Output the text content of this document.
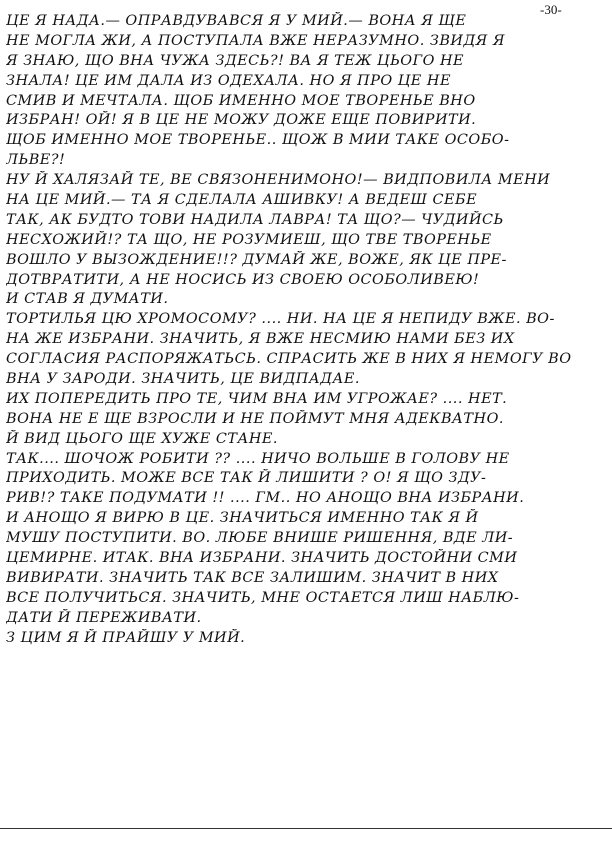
-30-
ЦЕ Я НАДА.— ОПРАВДУВАВСЯ Я У МИЙ.— ВОНА Я ЩЕ
НЕ МОГЛА ЖИ, А ПОСТУПАЛА ВЖЕ НЕРАЗУМНО. ЗВИДЯ Я
Я ЗНАЮ, ЩО ВНА ЧУЖА ЗДЕСЬ?! ВА Я ТЕЖ ЦЬОГО НЕ
ЗНАЛА! ЦЕ ИМ ДАЛА ИЗ ОДЕХАЛА. НО Я ПРО ЦЕ НЕ
СМИВ И МЕЧТАЛА. ЩОБ ИМЕННО МОЕ ТВОРЕНЬЕ ВНО
ИЗБРАН! ОЙ! Я В ЦЕ НЕ МОЖУ ДОЖЕ ЕЩЕ ПОВИРИТИ.
ЩОБ ИМЕННО МОЕ ТВОРЕНЬЕ.. ЩОЖ В МИИ ТАКЕ ОСОБО-
ЛЬВЕ?!
НУ Й ХАЛЯЗАЙ ТЕ, ВЕ СВЯЗОНЕНИМОНО!— ВИДПОВИЛА МЕНИ
НА ЦЕ МИЙ.— ТА Я СДЕЛАЛА АШИВКУ! А ВЕДЕШ СЕБЕ
ТАК, АК БУДТО ТОВИ НАДИЛА ЛАВРА! ТА ЩО?— ЧУДИЙСЬ
НЕСХОЖИЙ!? ТА ЩО, НЕ РОЗУМИЕШ, ЩО ТВЕ ТВОРЕНЬЕ
ВОШЛО У ВЫЗОЖДЕНИЕ!!? ДУМАЙ ЖЕ, ВОЖЕ, ЯК ЦЕ ПРЕ-
ДОТВРАТИТИ, А НЕ НОСИСЬ ИЗ СВОЕЮ ОСОБОЛИВЕЮ!
И СТАВ Я ДУМАТИ.
ТОРТИЛЬЯ ЦЮ ХРОМОСОМУ? .... НИ. НА ЦЕ Я НЕПИДУ ВЖЕ. ВО-
НА ЖЕ ИЗБРАНИ. ЗНАЧИТЬ, Я ВЖЕ НЕСМИЮ НАМИ БЕЗ ИХ
СОГЛАСИЯ РАСПОРЯЖАТЬСЬ. СПРАСИТЬ ЖЕ В НИХ Я НЕМОГУ ВО
ВНА У ЗАРОДИ. ЗНАЧИТЬ, ЦЕ ВИДПАДАЕ.
ИХ ПОПЕРЕДИТЬ ПРО ТЕ, ЧИМ ВНА ИМ УГРОЖАЕ? .... НЕТ.
ВОНА НЕ Е ЩЕ ВЗРОСЛИ И НЕ ПОЙМУТ МНЯ АДЕКВАТНО.
Й ВИД ЦЬОГО ЩЕ ХУЖЕ СТАНЕ.
ТАК.... ШОЧОЖ РОБИТИ ?? .... НИЧО ВОЛЬШЕ В ГОЛОВУ НЕ
ПРИХОДИТЬ. МОЖЕ ВСЕ ТАК Й ЛИШИТИ ? О! Я ЩО ЗДУ-
РИВ!? ТАКЕ ПОДУМАТИ !! .... ГМ.. НО АНОЩО ВНА ИЗБРАНИ.
И АНОЩО Я ВИРЮ В ЦЕ. ЗНАЧИТЬСЯ ИМЕННО ТАК Я Й
МУШУ ПОСТУПИТИ. ВО. ЛЮБЕ ВНИШЕ РИШЕННЯ, ВДЕ ЛИ-
ЦЕМИРНЕ. ИТАК. ВНА ИЗБРАНИ. ЗНАЧИТЬ ДОСТОЙНИ СМИ
ВИВИРАТИ. ЗНАЧИТЬ ТАК ВСЕ ЗАЛИШИМ. ЗНАЧИТ В НИХ
ВСЕ ПОЛУЧИТЬСЯ. ЗНАЧИТЬ, МНЕ ОСТАЕТСЯ ЛИШ НАБЛЮ-
ДАТИ Й ПЕРЕЖИВАТИ.
З ЦИМ Я Й ПРАЙШУ У МИЙ.
